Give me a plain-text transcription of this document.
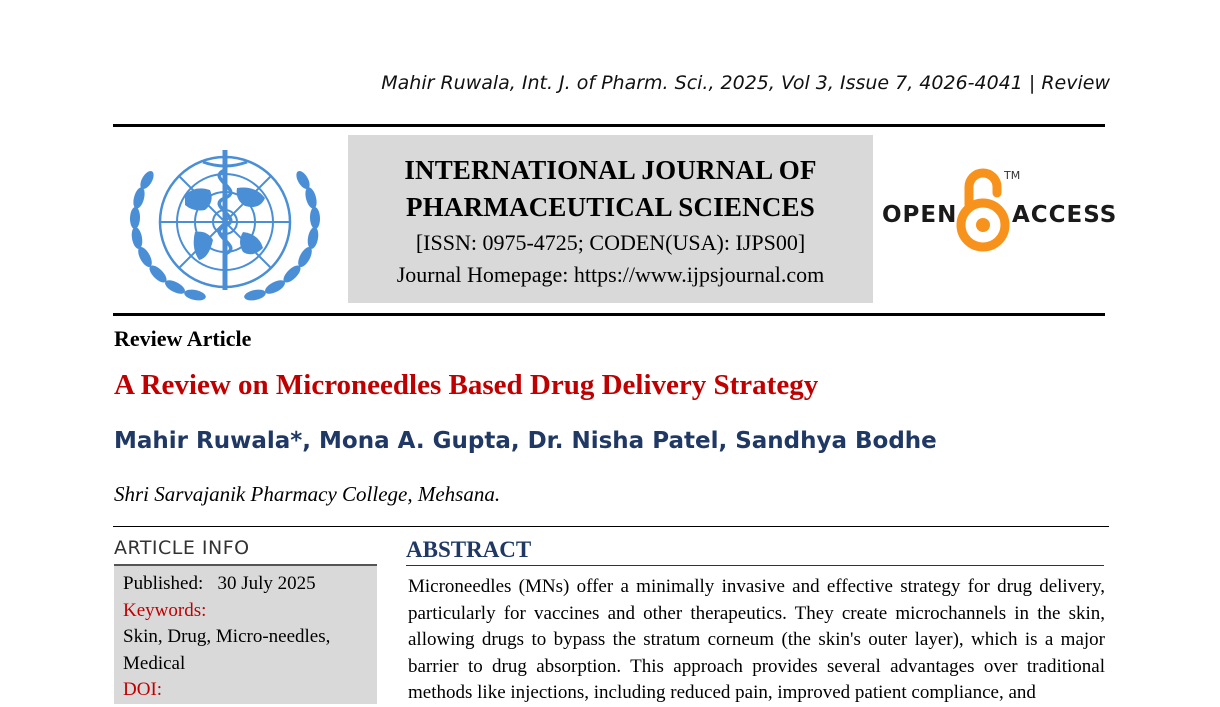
Mahir Ruwala, Int. J. of Pharm. Sci., 2025, Vol 3, Issue 7, 4026-4041 | Review
INTERNATIONAL JOURNAL OF
PHARMACEUTICAL SCIENCES
[ISSN: 0975-4725; CODEN(USA): IJPS00]
Journal Homepage: https://www.ijpsjournal.com
OPEN
TM
ACCESS
Review Article
A Review on Microneedles Based Drug Delivery Strategy
Mahir Ruwala*, Mona A. Gupta, Dr. Nisha Patel, Sandhya Bodhe
Shri Sarvajanik Pharmacy College, Mehsana.
ARTICLE INFO
Published: 30 July 2025
Keywords:
Skin, Drug, Micro-needles, Medical
DOI:
ABSTRACT
Microneedles (MNs) offer a minimally invasive and effective strategy for drug delivery, particularly for vaccines and other therapeutics. They create microchannels in the skin, allowing drugs to bypass the stratum corneum (the skin's outer layer), which is a major barrier to drug absorption. This approach provides several advantages over traditional methods like injections, including reduced pain, improved patient compliance, and
